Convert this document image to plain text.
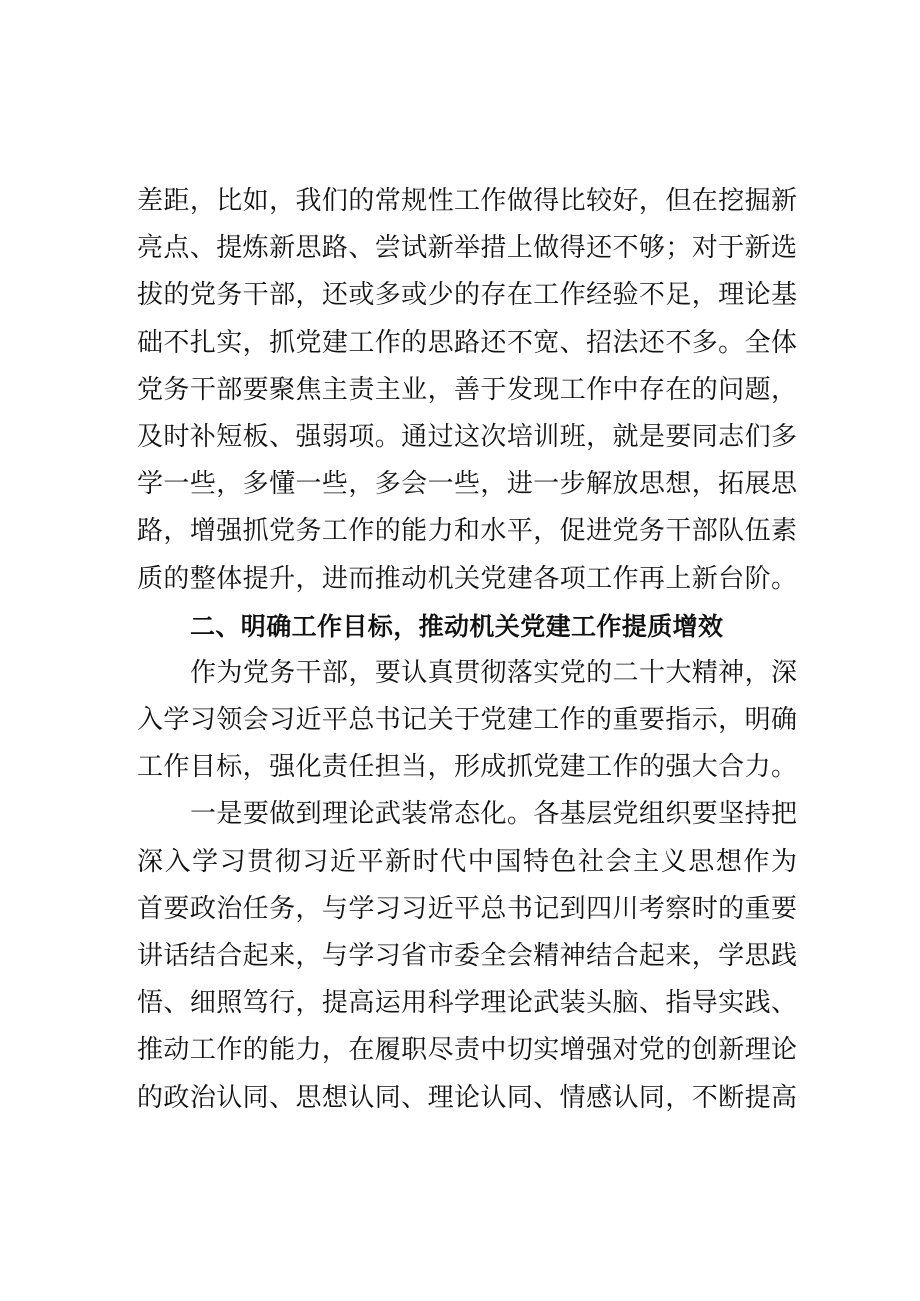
差距，比如，我们的常规性工作做得比较好，但在挖掘新
亮点、提炼新思路、尝试新举措上做得还不够；对于新选
拔的党务干部，还或多或少的存在工作经验不足，理论基
础不扎实，抓党建工作的思路还不宽、招法还不多。全体
党务干部要聚焦主责主业，善于发现工作中存在的问题，
及时补短板、强弱项。通过这次培训班，就是要同志们多
学一些，多懂一些，多会一些，进一步解放思想，拓展思
路，增强抓党务工作的能力和水平，促进党务干部队伍素
质的整体提升，进而推动机关党建各项工作再上新台阶。
二、明确工作目标，推动机关党建工作提质增效
作为党务干部，要认真贯彻落实党的二十大精神，深
入学习领会习近平总书记关于党建工作的重要指示，明确
工作目标，强化责任担当，形成抓党建工作的强大合力。
一是要做到理论武装常态化。各基层党组织要坚持把
深入学习贯彻习近平新时代中国特色社会主义思想作为
首要政治任务，与学习习近平总书记到四川考察时的重要
讲话结合起来，与学习省市委全会精神结合起来，学思践
悟、细照笃行，提高运用科学理论武装头脑、指导实践、
推动工作的能力，在履职尽责中切实增强对党的创新理论
的政治认同、思想认同、理论认同、情感认同，不断提高
